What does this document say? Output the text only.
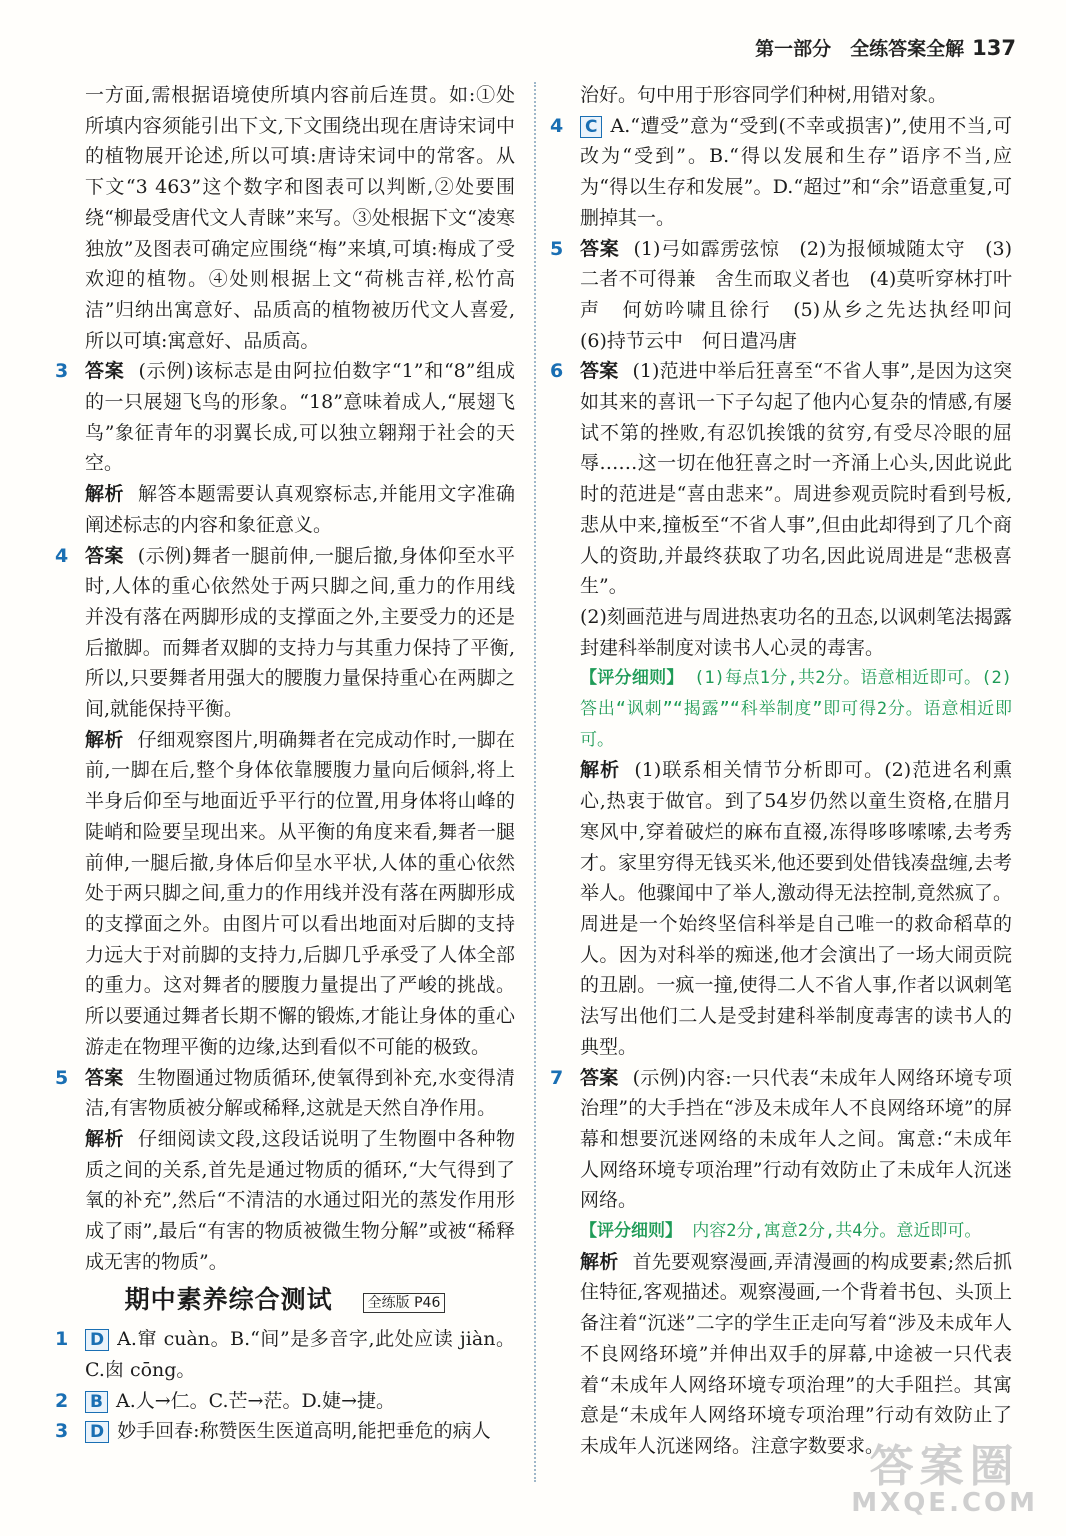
第一部分　全练答案全解 137

一方面,需根据语境使所填内容前后连贯。如:①处所填内容须能引出下文,下文围绕出现在唐诗宋词中的植物展开论述,所以可填:唐诗宋词中的常客。从下文“3 463”这个数字和图表可以判断,②处要围绕“柳最受唐代文人青睐”来写。③处根据下文“凌寒独放”及图表可确定应围绕“梅”来填,可填:梅成了受欢迎的植物。④处则根据上文“荷桃吉祥,松竹高洁”归纳出寓意好、品质高的植物被历代文人喜爱,所以可填:寓意好、品质高。

3 答案 (示例)该标志是由阿拉伯数字“1”和“8”组成的一只展翅飞鸟的形象。“18”意味着成人,“展翅飞鸟”象征青年的羽翼长成,可以独立翱翔于社会的天空。

解析 解答本题需要认真观察标志,并能用文字准确阐述标志的内容和象征意义。

4 答案 (示例)舞者一腿前伸,一腿后撤,身体仰至水平时,人体的重心依然处于两只脚之间,重力的作用线并没有落在两脚形成的支撑面之外,主要受力的还是后撤脚。而舞者双脚的支持力与其重力保持了平衡,所以,只要舞者用强大的腰腹力量保持重心在两脚之间,就能保持平衡。

解析 仔细观察图片,明确舞者在完成动作时,一脚在前,一脚在后,整个身体依靠腰腹力量向后倾斜,将上半身后仰至与地面近乎平行的位置,用身体将山峰的陡峭和险要呈现出来。从平衡的角度来看,舞者一腿前伸,一腿后撤,身体后仰呈水平状,人体的重心依然处于两只脚之间,重力的作用线并没有落在两脚形成的支撑面之外。由图片可以看出地面对后脚的支持力远大于对前脚的支持力,后脚几乎承受了人体全部的重力。这对舞者的腰腹力量提出了严峻的挑战。所以要通过舞者长期不懈的锻炼,才能让身体的重心游走在物理平衡的边缘,达到看似不可能的极致。

5 答案 生物圈通过物质循环,使氧得到补充,水变得清洁,有害物质被分解或稀释,这就是天然自净作用。

解析 仔细阅读文段,这段话说明了生物圈中各种物质之间的关系,首先是通过物质的循环,“大气得到了氧的补充”,然后“不清洁的水通过阳光的蒸发作用形成了雨”,最后“有害的物质被微生物分解”或被“稀释成无害的物质”。

期中素养综合测试	全练版 P46
1 D A.窜 cuàn。B.“间”是多音字,此处应读 jiàn。C.囱 cōng。

2 B A.人→仁。C.芒→茫。D.婕→捷。

3 D 妙手回春:称赞医生医道高明,能把垂危的病人

治好。句中用于形容同学们种树,用错对象。

4 C A.“遭受”意为“受到(不幸或损害)”,使用不当,可改为“受到”。B.“得以发展和生存”语序不当,应为“得以生存和发展”。D.“超过”和“余”语意重复,可删掉其一。

5 答案 (1)弓如霹雳弦惊　(2)为报倾城随太守　(3)二者不可得兼　舍生而取义者也　(4)莫听穿林打叶声　何妨吟啸且徐行　(5)从乡之先达执经叩问　(6)持节云中　何日遣冯唐

6 答案 (1)范进中举后狂喜至“不省人事”,是因为这突如其来的喜讯一下子勾起了他内心复杂的情感,有屡试不第的挫败,有忍饥挨饿的贫穷,有受尽冷眼的屈辱……这一切在他狂喜之时一齐涌上心头,因此说此时的范进是“喜由悲来”。周进参观贡院时看到号板,悲从中来,撞板至“不省人事”,但由此却得到了几个商人的资助,并最终获取了功名,因此说周进是“悲极喜生”。

(2)刻画范进与周进热衷功名的丑态,以讽刺笔法揭露封建科举制度对读书人心灵的毒害。

【评分细则】 (1)每点1分,共2分。语意相近即可。(2)答出“讽刺”“揭露”“科举制度”即可得2分。语意相近即可。

解析 (1)联系相关情节分析即可。(2)范进名利熏心,热衷于做官。到了54岁仍然以童生资格,在腊月寒风中,穿着破烂的麻布直裰,冻得哆哆嗦嗦,去考秀才。家里穷得无钱买米,他还要到处借钱凑盘缠,去考举人。他骤闻中了举人,激动得无法控制,竟然疯了。周进是一个始终坚信科举是自己唯一的救命稻草的人。因为对科举的痴迷,他才会演出了一场大闹贡院的丑剧。一疯一撞,使得二人不省人事,作者以讽刺笔法写出他们二人是受封建科举制度毒害的读书人的典型。

7 答案 (示例)内容:一只代表“未成年人网络环境专项治理”的大手挡在“涉及未成年人不良网络环境”的屏幕和想要沉迷网络的未成年人之间。寓意:“未成年人网络环境专项治理”行动有效防止了未成年人沉迷网络。

【评分细则】 内容2分,寓意2分,共4分。意近即可。

解析 首先要观察漫画,弄清漫画的构成要素;然后抓住特征,客观描述。观察漫画,一个背着书包、头顶上备注着“沉迷”二字的学生正走向写着“涉及未成年人不良网络环境”并伸出双手的屏幕,中途被一只代表着“未成年人网络环境专项治理”的大手阻拦。其寓意是“未成年人网络环境专项治理”行动有效防止了未成年人沉迷网络。注意字数要求。

答案圈
MXQE.COM
